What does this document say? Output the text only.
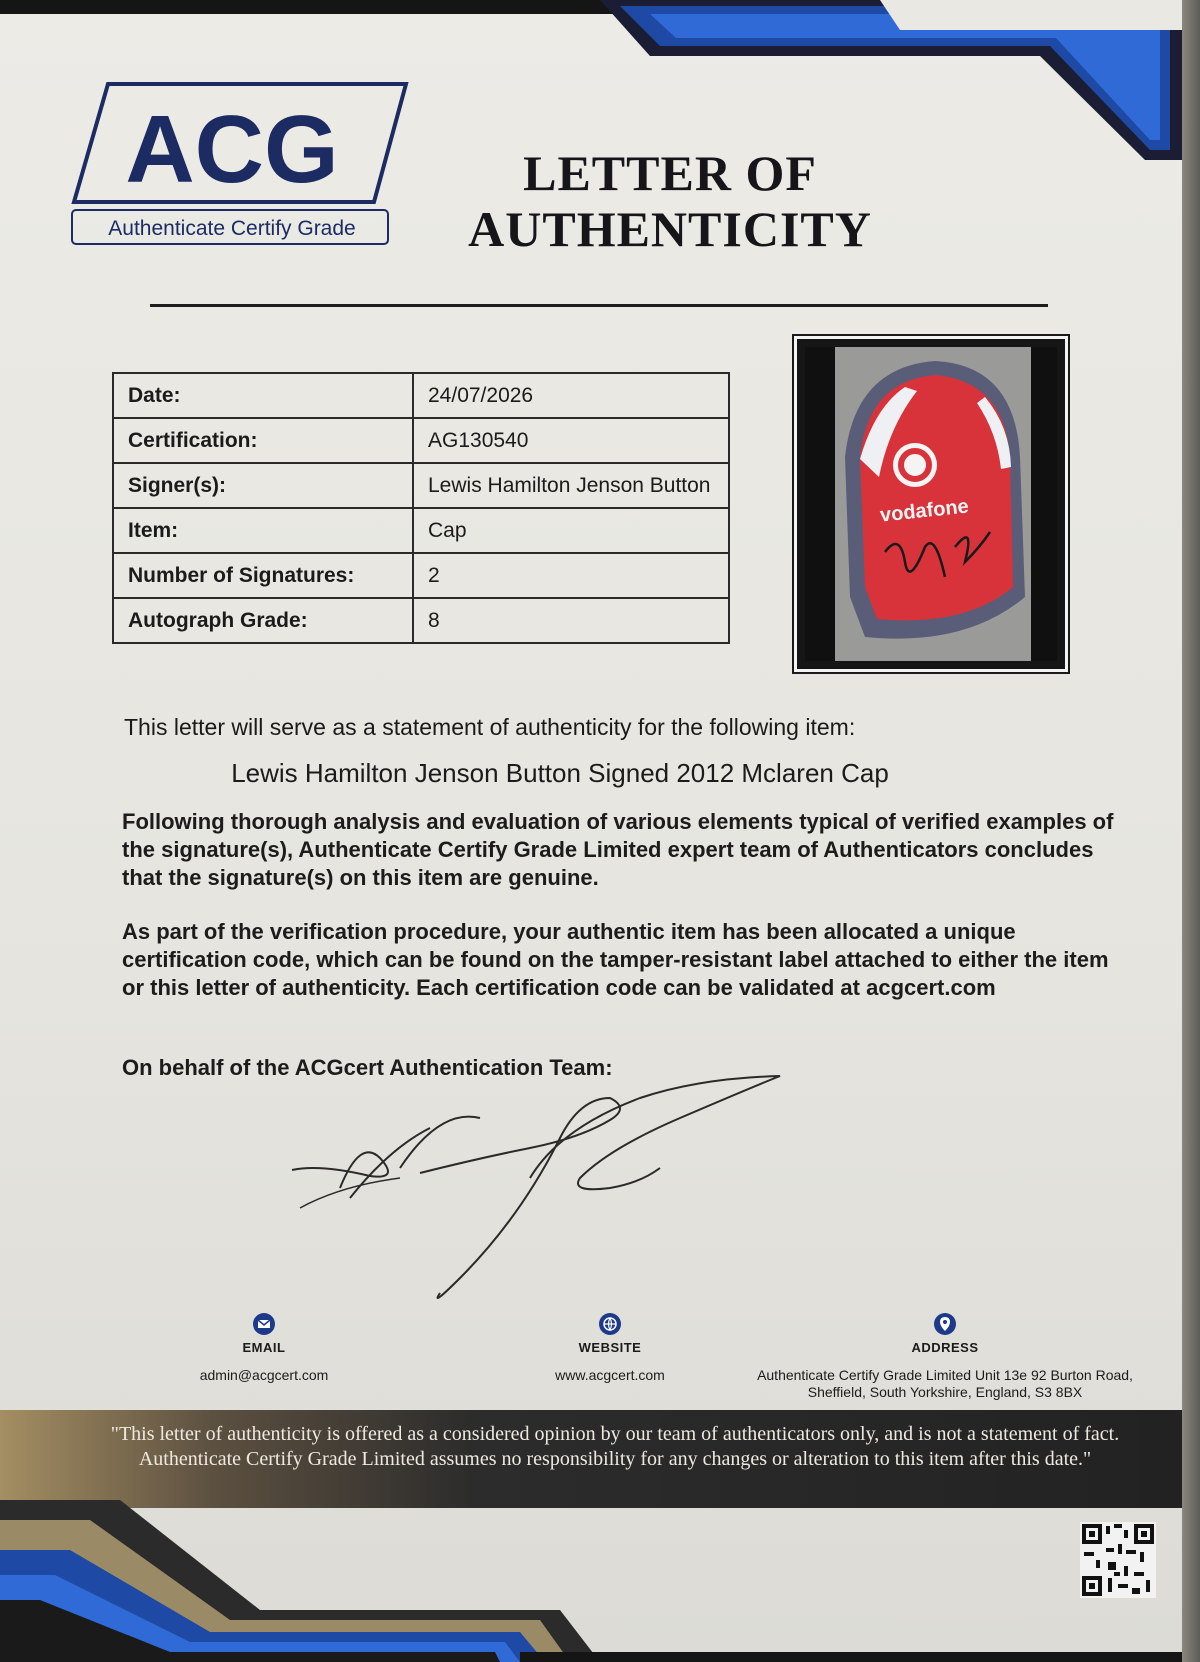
ACG
Authenticate Certify Grade
LETTER OF
AUTHENTICITY
Date:	24/07/2026
Certification:	AG130540
Signer(s):	Lewis Hamilton Jenson Button
Item:	Cap
Number of Signatures:	2
Autograph Grade:	8
vodafone
This letter will serve as a statement of authenticity for the following item:
Lewis Hamilton Jenson Button Signed 2012 Mclaren Cap
Following thorough analysis and evaluation of various elements typical of verified examples of the signature(s), Authenticate Certify Grade Limited expert team of Authenticators concludes that the signature(s) on this item are genuine.
As part of the verification procedure, your authentic item has been allocated a unique certification code, which can be found on the tamper-resistant label attached to either the item or this letter of authenticity. Each certification code can be validated at acgcert.com
On behalf of the ACGcert Authentication Team:
EMAIL
admin@acgcert.com
WEBSITE
www.acgcert.com
ADDRESS
Authenticate Certify Grade Limited Unit 13e 92 Burton Road,
Sheffield, South Yorkshire, England, S3 8BX
"This letter of authenticity is offered as a considered opinion by our team of authenticators only, and is not a statement of fact. Authenticate Certify Grade Limited assumes no responsibility for any changes or alteration to this item after this date."
